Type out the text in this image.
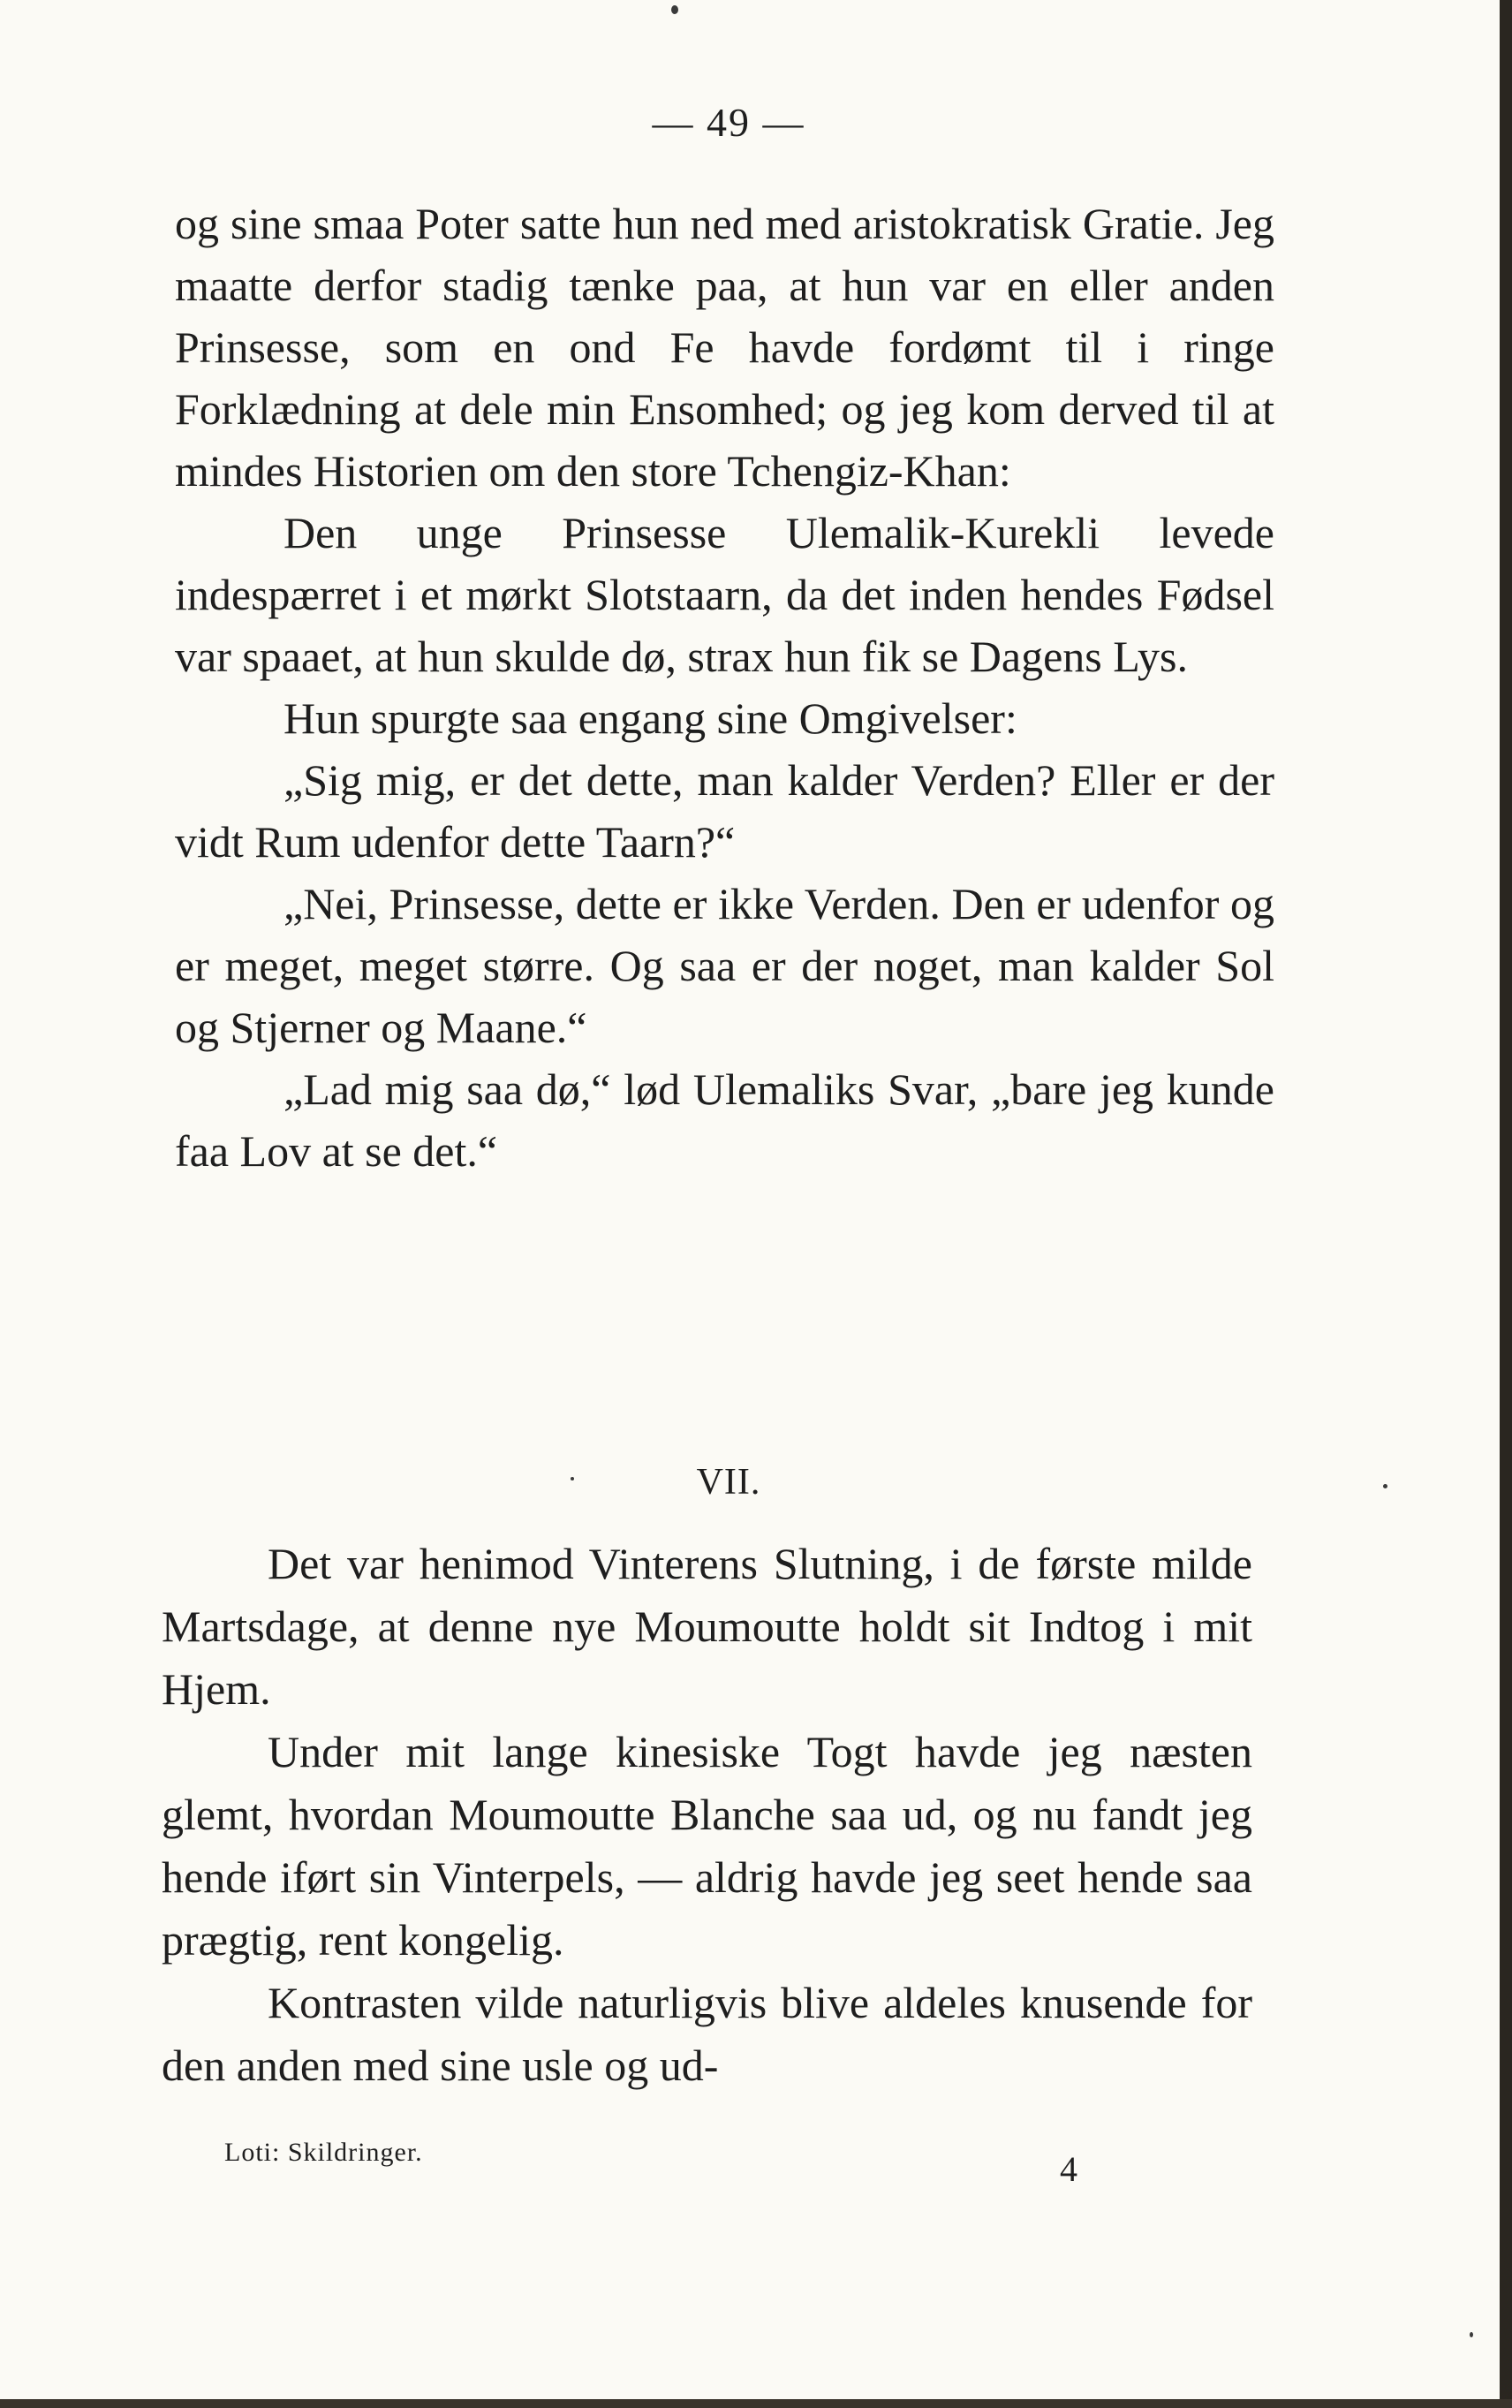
— 49 —

og sine smaa Poter satte hun ned med aristokratisk Gratie. Jeg maatte derfor stadig tænke paa, at hun var en eller anden Prinsesse, som en ond Fe havde fordømt til i ringe Forklædning at dele min Ensomhed; og jeg kom derved til at mindes Historien om den store Tchengiz-Khan:

Den unge Prinsesse Ulemalik-Kurekli levede indespærret i et mørkt Slotstaarn, da det inden hendes Fødsel var spaaet, at hun skulde dø, strax hun fik se Dagens Lys.

Hun spurgte saa engang sine Omgivelser:

„Sig mig, er det dette, man kalder Verden? Eller er der vidt Rum udenfor dette Taarn?“

„Nei, Prinsesse, dette er ikke Verden. Den er udenfor og er meget, meget større. Og saa er der noget, man kalder Sol og Stjerner og Maane.“

„Lad mig saa dø,“ lød Ulemaliks Svar, „bare jeg kunde faa Lov at se det.“

VII.

Det var henimod Vinterens Slutning, i de første milde Martsdage, at denne nye Moumoutte holdt sit Indtog i mit Hjem.

Under mit lange kinesiske Togt havde jeg næsten glemt, hvordan Moumoutte Blanche saa ud, og nu fandt jeg hende iført sin Vinterpels, — aldrig havde jeg seet hende saa prægtig, rent kongelig.

Kontrasten vilde naturligvis blive aldeles knusende for den anden med sine usle og ud-

Loti: Skildringer.	4
